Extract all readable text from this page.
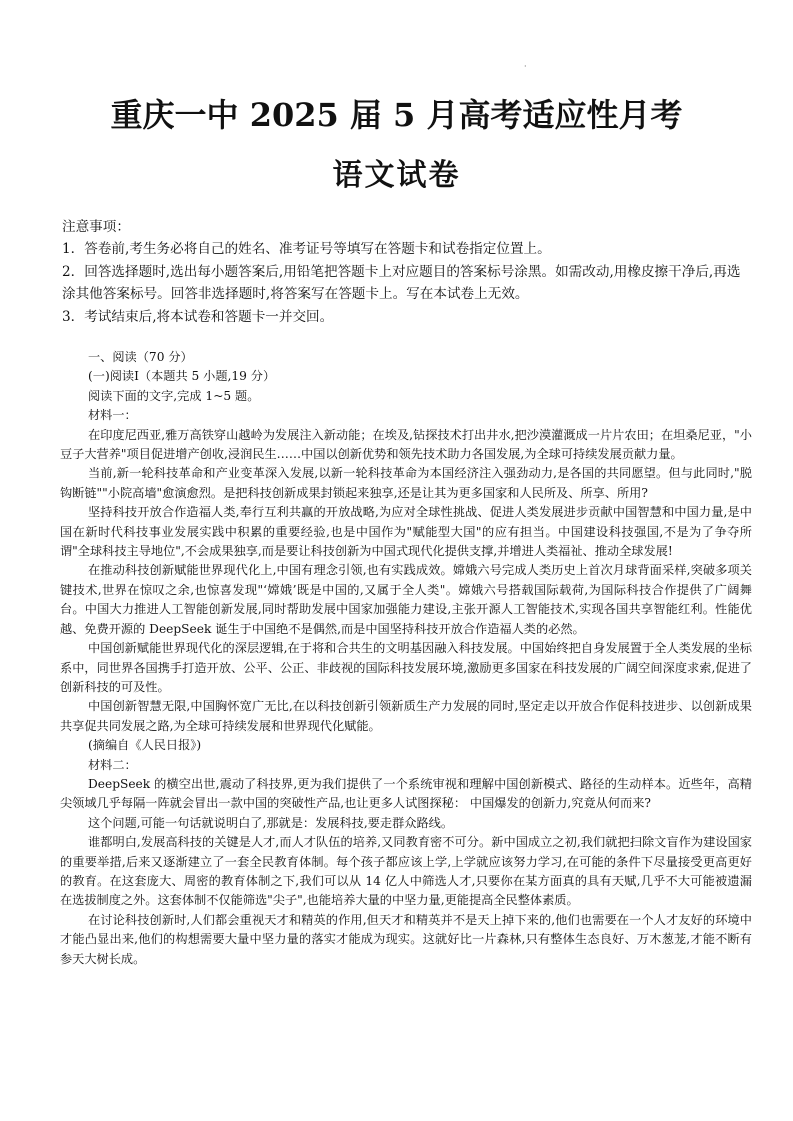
·
重庆一中 2025 届 5 月高考适应性月考
语文试卷

注意事项：

1．答卷前,考生务必将自己的姓名、准考证号等填写在答题卡和试卷指定位置上。

2．回答选择题时,选出每小题答案后,用铅笔把答题卡上对应题目的答案标号涂黑。如需改动,用橡皮擦干净后,再选涂其他答案标号。回答非选择题时,将答案写在答题卡上。写在本试卷上无效。

3．考试结束后,将本试卷和答题卡一并交回。

一、阅读（70 分）

(一)阅读Ⅰ（本题共 5 小题,19 分）

阅读下面的文字,完成 1~5 题。

材料一：

在印度尼西亚,雅万高铁穿山越岭为发展注入新动能；在埃及,钻探技术打出井水,把沙漠灌溉成一片片农田；在坦桑尼亚，"小豆子大营养"项目促进增产创收,浸润民生……中国以创新优势和领先技术助力各国发展,为全球可持续发展贡献力量。

当前,新一轮科技革命和产业变革深入发展,以新一轮科技革命为本国经济注入强劲动力,是各国的共同愿望。但与此同时,"脱钩断链""小院高墙"愈演愈烈。是把科技创新成果封锁起来独享,还是让其为更多国家和人民所及、所享、所用?

坚持科技开放合作造福人类,奉行互利共赢的开放战略,为应对全球性挑战、促进人类发展进步贡献中国智慧和中国力量,是中国在新时代科技事业发展实践中积累的重要经验,也是中国作为"赋能型大国"的应有担当。中国建设科技强国,不是为了争夺所谓"全球科技主导地位",不会成果独享,而是要让科技创新为中国式现代化提供支撑,并增进人类福祉、推动全球发展!

在推动科技创新赋能世界现代化上,中国有理念引领,也有实践成效。嫦娥六号完成人类历史上首次月球背面采样,突破多项关键技术,世界在惊叹之余,也惊喜发现"‘嫦娥’既是中国的,又属于全人类"。嫦娥六号搭载国际载荷,为国际科技合作提供了广阔舞台。中国大力推进人工智能创新发展,同时帮助发展中国家加强能力建设,主张开源人工智能技术,实现各国共享智能红利。性能优越、免费开源的 DeepSeek 诞生于中国绝不是偶然,而是中国坚持科技开放合作造福人类的必然。

中国创新赋能世界现代化的深层逻辑,在于将和合共生的文明基因融入科技发展。中国始终把自身发展置于全人类发展的坐标系中，同世界各国携手打造开放、公平、公正、非歧视的国际科技发展环境,激励更多国家在科技发展的广阔空间深度求索,促进了创新科技的可及性。

中国创新智慧无限,中国胸怀宽广无比,在以科技创新引领新质生产力发展的同时,坚定走以开放合作促科技进步、以创新成果共享促共同发展之路,为全球可持续发展和世界现代化赋能。

(摘编自《人民日报》)

材料二：

DeepSeek 的横空出世,震动了科技界,更为我们提供了一个系统审视和理解中国创新模式、路径的生动样本。近些年，高精尖领域几乎每隔一阵就会冒出一款中国的突破性产品,也让更多人试图探秘： 中国爆发的创新力,究竟从何而来?

这个问题,可能一句话就说明白了,那就是：发展科技,要走群众路线。

谁都明白,发展高科技的关键是人才,而人才队伍的培养,又同教育密不可分。新中国成立之初,我们就把扫除文盲作为建设国家的重要举措,后来又逐渐建立了一套全民教育体制。每个孩子都应该上学,上学就应该努力学习,在可能的条件下尽量接受更高更好的教育。在这套庞大、周密的教育体制之下,我们可以从 14 亿人中筛选人才,只要你在某方面真的具有天赋,几乎不大可能被遗漏在选拔制度之外。这套体制不仅能筛选"尖子",也能培养大量的中坚力量,更能提高全民整体素质。

在讨论科技创新时,人们都会重视天才和精英的作用,但天才和精英并不是天上掉下来的,他们也需要在一个人才友好的环境中才能凸显出来,他们的构想需要大量中坚力量的落实才能成为现实。这就好比一片森林,只有整体生态良好、万木葱茏,才能不断有参天大树长成。
